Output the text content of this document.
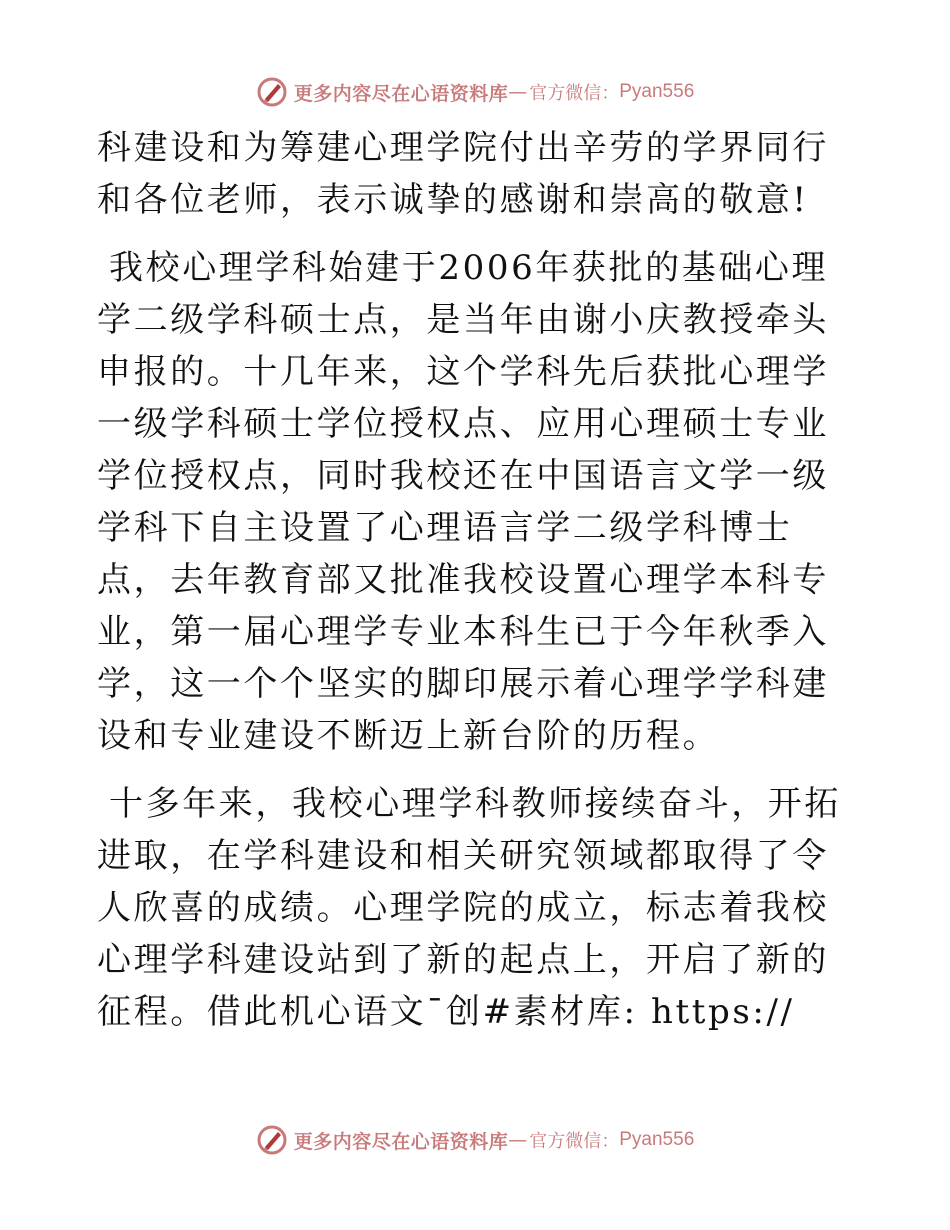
更多内容尽在心语资料库 — 官方微信： Pyan556

科建设和为筹建心理学院付出辛劳的学界同行和各位老师，表示诚挚的感谢和崇高的敬意!

我校心理学科始建于2006年获批的基础心理学二级学科硕士点，是当年由谢小庆教授牵头申报的。十几年来，这个学科先后获批心理学一级学科硕士学位授权点、应用心理硕士专业学位授权点，同时我校还在中国语言文学一级学科下自主设置了心理语言学二级学科博士点，去年教育部又批准我校设置心理学本科专业，第一届心理学专业本科生已于今年秋季入学，这一个个坚实的脚印展示着心理学学科建设和专业建设不断迈上新台阶的历程。

十多年来，我校心理学科教师接续奋斗，开拓进取，在学科建设和相关研究领域都取得了令人欣喜的成绩。心理学院的成立，标志着我校心理学科建设站到了新的起点上，开启了新的征程。借此机心语文¯创#素材库: https://

更多内容尽在心语资料库 — 官方微信： Pyan556
